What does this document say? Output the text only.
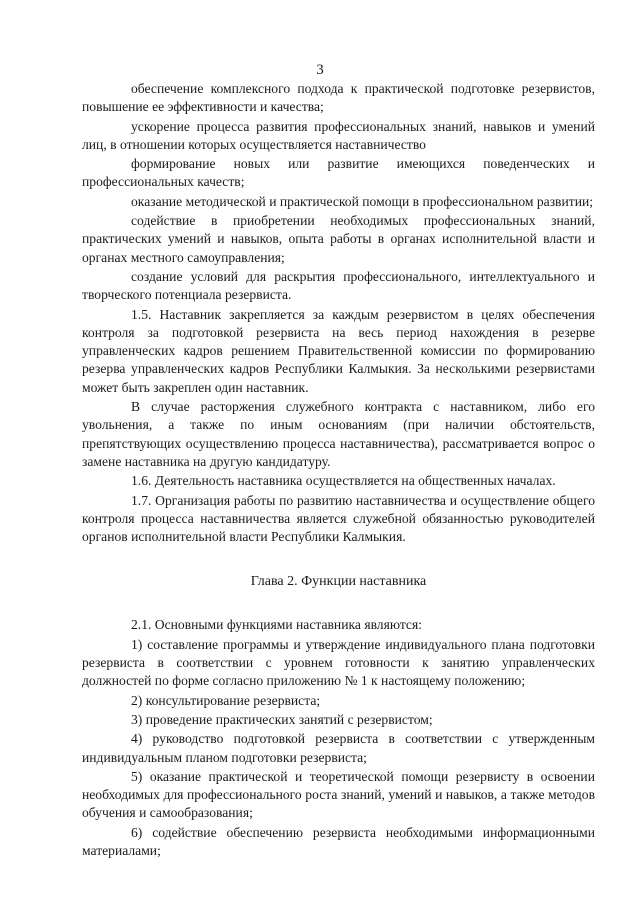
3

обеспечение комплексного подхода к практической подготовке резервистов, повышение ее эффективности и качества;

ускорение процесса развития профессиональных знаний, навыков и умений лиц, в отношении которых осуществляется наставничество

формирование новых или развитие имеющихся поведенческих и профессиональных качеств;

оказание методической и практической помощи в профессиональном развитии;

содействие в приобретении необходимых профессиональных знаний, практических умений и навыков, опыта работы в органах исполнительной власти и органах местного самоуправления;

создание условий для раскрытия профессионального, интеллектуального и творческого потенциала резервиста.

1.5. Наставник закрепляется за каждым резервистом в целях обеспечения контроля за подготовкой резервиста на весь период нахождения в резерве управленческих кадров решением Правительственной комиссии по формированию резерва управленческих кадров Республики Калмыкия. За несколькими резервистами может быть закреплен один наставник.

В случае расторжения служебного контракта с наставником, либо его увольнения, а также по иным основаниям (при наличии обстоятельств, препятствующих осуществлению процесса наставничества), рассматривается вопрос о замене наставника на другую кандидатуру.

1.6. Деятельность наставника осуществляется на общественных началах.

1.7. Организация работы по развитию наставничества и осуществление общего контроля процесса наставничества является служебной обязанностью руководителей органов исполнительной власти Республики Калмыкия.

Глава 2. Функции наставника

2.1. Основными функциями наставника являются:

1) составление программы и утверждение индивидуального плана подготовки резервиста в соответствии с уровнем готовности к занятию управленческих должностей по форме согласно приложению № 1 к настоящему положению;

2) консультирование резервиста;

3) проведение практических занятий с резервистом;

4) руководство подготовкой резервиста в соответствии с утвержденным индивидуальным планом подготовки резервиста;

5) оказание практической и теоретической помощи резервисту в освоении необходимых для профессионального роста знаний, умений и навыков, а также методов обучения и самообразования;

6) содействие обеспечению резервиста необходимыми информационными материалами;
